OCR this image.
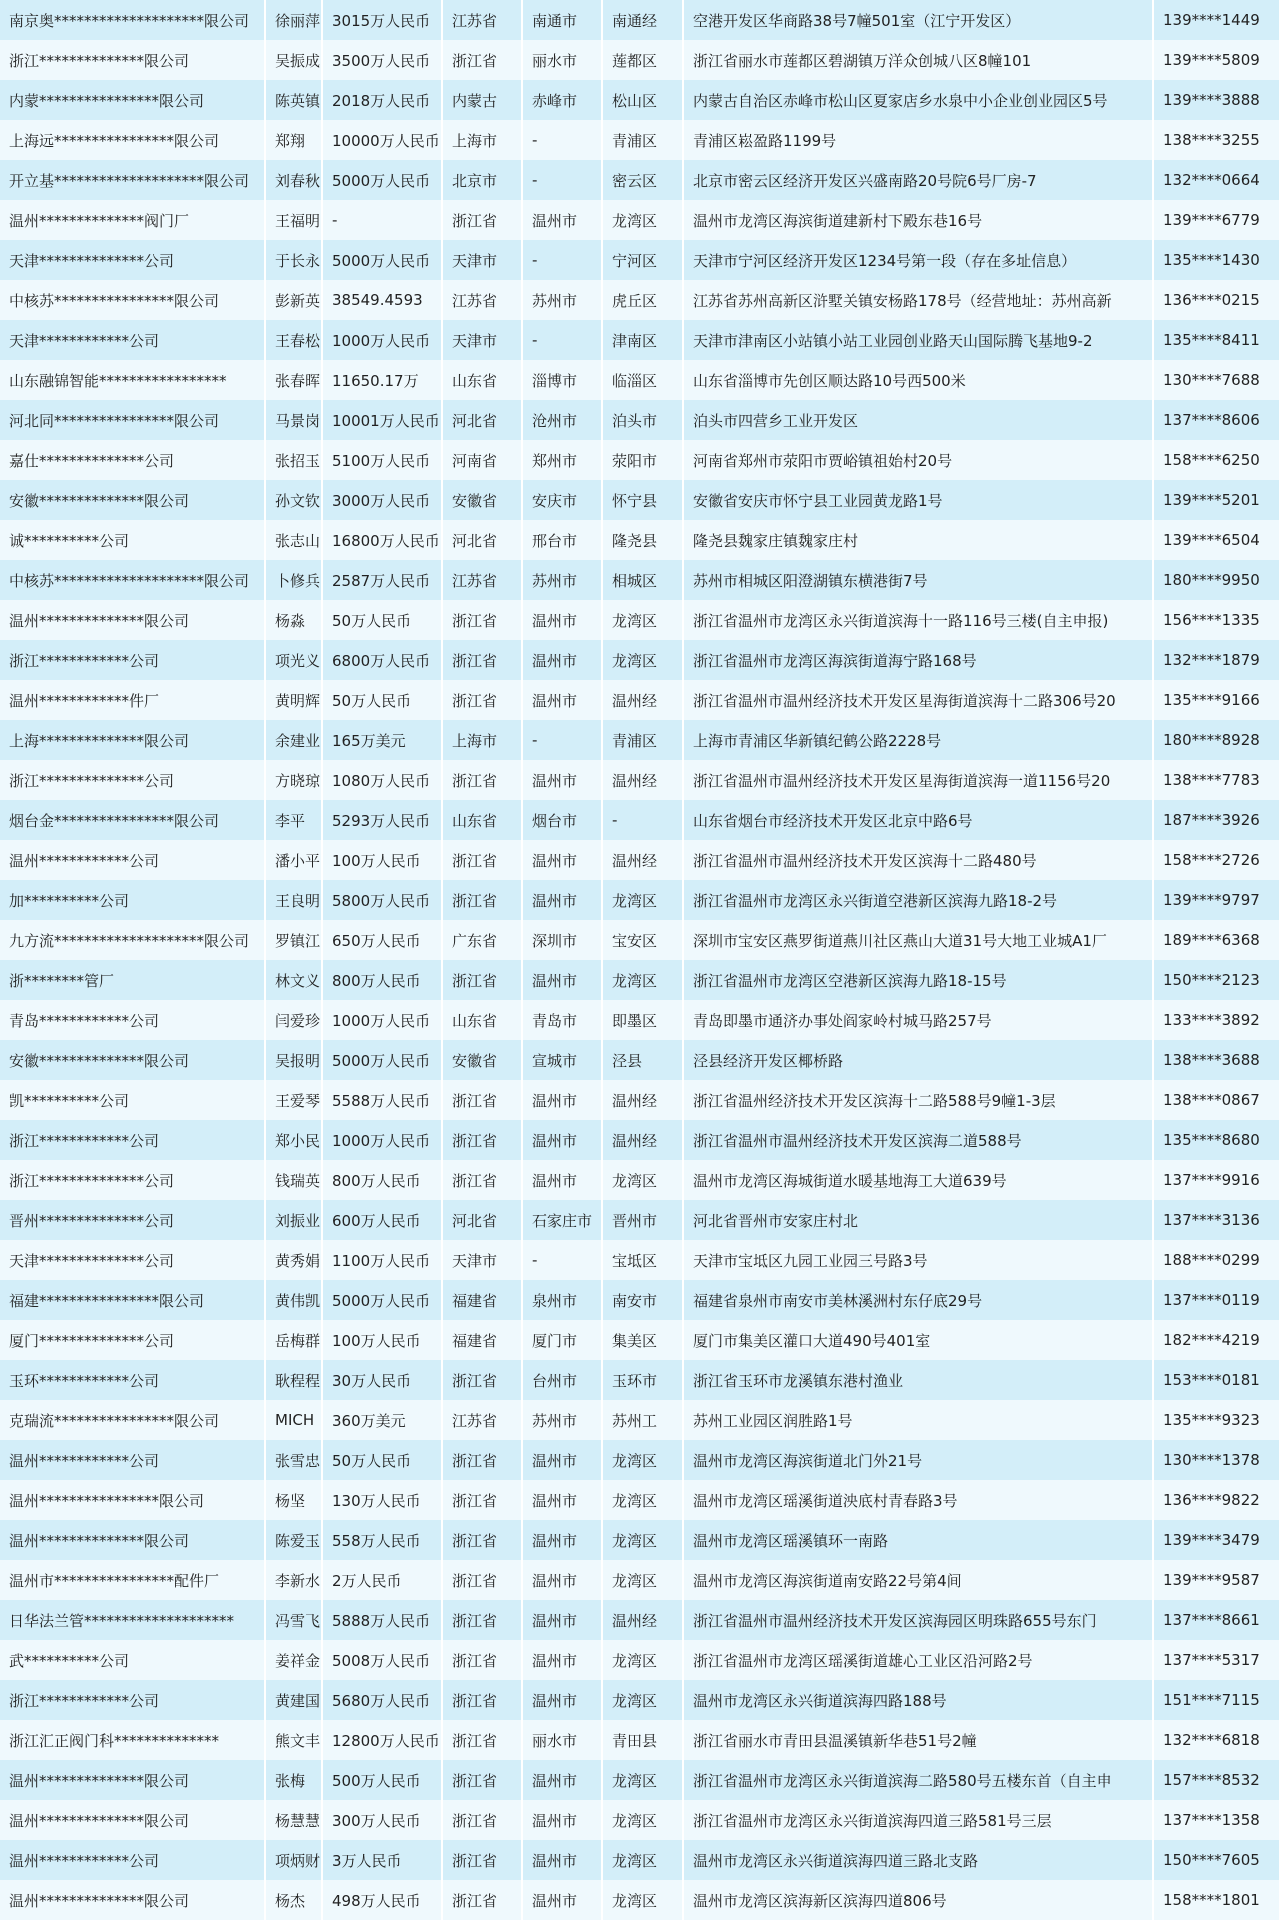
南京奥********************限公司	徐丽萍	3015万人民币	江苏省	南通市	南通经	空港开发区华商路38号7幢501室（江宁开发区）	139****1449
浙江**************限公司	吴振成	3500万人民币	浙江省	丽水市	莲都区	浙江省丽水市莲都区碧湖镇万洋众创城八区8幢101	139****5809
内蒙****************限公司	陈英镇	2018万人民币	内蒙古	赤峰市	松山区	内蒙古自治区赤峰市松山区夏家店乡水泉中小企业创业园区5号	139****3888
上海远****************限公司	郑翔	10000万人民币	上海市	-	青浦区	青浦区崧盈路1199号	138****3255
开立基********************限公司	刘春秋	5000万人民币	北京市	-	密云区	北京市密云区经济开发区兴盛南路20号院6号厂房-7	132****0664
温州**************阀门厂	王福明	-	浙江省	温州市	龙湾区	温州市龙湾区海滨街道建新村下殿东巷16号	139****6779
天津**************公司	于长永	5000万人民币	天津市	-	宁河区	天津市宁河区经济开发区1234号第一段（存在多址信息）	135****1430
中核苏****************限公司	彭新英	38549.4593	江苏省	苏州市	虎丘区	江苏省苏州高新区浒墅关镇安杨路178号（经营地址：苏州高新	136****0215
天津************公司	王春松	1000万人民币	天津市	-	津南区	天津市津南区小站镇小站工业园创业路天山国际腾飞基地9-2	135****8411
山东融锦智能*****************	张春晖	11650.17万	山东省	淄博市	临淄区	山东省淄博市先创区顺达路10号西500米	130****7688
河北同****************限公司	马景岗	10001万人民币	河北省	沧州市	泊头市	泊头市四营乡工业开发区	137****8606
嘉仕**************公司	张招玉	5100万人民币	河南省	郑州市	荥阳市	河南省郑州市荥阳市贾峪镇祖始村20号	158****6250
安徽**************限公司	孙文钦	3000万人民币	安徽省	安庆市	怀宁县	安徽省安庆市怀宁县工业园黄龙路1号	139****5201
诚**********公司	张志山	16800万人民币	河北省	邢台市	隆尧县	隆尧县魏家庄镇魏家庄村	139****6504
中核苏********************限公司	卜修兵	2587万人民币	江苏省	苏州市	相城区	苏州市相城区阳澄湖镇东横港街7号	180****9950
温州**************限公司	杨淼	50万人民币	浙江省	温州市	龙湾区	浙江省温州市龙湾区永兴街道滨海十一路116号三楼(自主申报)	156****1335
浙江************公司	项光义	6800万人民币	浙江省	温州市	龙湾区	浙江省温州市龙湾区海滨街道海宁路168号	132****1879
温州************件厂	黄明辉	50万人民币	浙江省	温州市	温州经	浙江省温州市温州经济技术开发区星海街道滨海十二路306号20	135****9166
上海**************限公司	余建业	165万美元	上海市	-	青浦区	上海市青浦区华新镇纪鹤公路2228号	180****8928
浙江**************公司	方晓琼	1080万人民币	浙江省	温州市	温州经	浙江省温州市温州经济技术开发区星海街道滨海一道1156号20	138****7783
烟台金****************限公司	李平	5293万人民币	山东省	烟台市	-	山东省烟台市经济技术开发区北京中路6号	187****3926
温州************公司	潘小平	100万人民币	浙江省	温州市	温州经	浙江省温州市温州经济技术开发区滨海十二路480号	158****2726
加**********公司	王良明	5800万人民币	浙江省	温州市	龙湾区	浙江省温州市龙湾区永兴街道空港新区滨海九路18-2号	139****9797
九方流********************限公司	罗镇江	650万人民币	广东省	深圳市	宝安区	深圳市宝安区燕罗街道燕川社区燕山大道31号大地工业城A1厂	189****6368
浙********管厂	林文义	800万人民币	浙江省	温州市	龙湾区	浙江省温州市龙湾区空港新区滨海九路18-15号	150****2123
青岛************公司	闫爱珍	1000万人民币	山东省	青岛市	即墨区	青岛即墨市通济办事处阎家岭村城马路257号	133****3892
安徽**************限公司	吴报明	5000万人民币	安徽省	宣城市	泾县	泾县经济开发区椰桥路	138****3688
凯**********公司	王爱琴	5588万人民币	浙江省	温州市	温州经	浙江省温州经济技术开发区滨海十二路588号9幢1-3层	138****0867
浙江************公司	郑小民	1000万人民币	浙江省	温州市	温州经	浙江省温州市温州经济技术开发区滨海二道588号	135****8680
浙江**************公司	钱瑞英	800万人民币	浙江省	温州市	龙湾区	温州市龙湾区海城街道水暖基地海工大道639号	137****9916
晋州**************公司	刘振业	600万人民币	河北省	石家庄市	晋州市	河北省晋州市安家庄村北	137****3136
天津**************公司	黄秀娟	1100万人民币	天津市	-	宝坻区	天津市宝坻区九园工业园三号路3号	188****0299
福建****************限公司	黄伟凯	5000万人民币	福建省	泉州市	南安市	福建省泉州市南安市美林溪洲村东仔底29号	137****0119
厦门**************公司	岳梅群	100万人民币	福建省	厦门市	集美区	厦门市集美区灌口大道490号401室	182****4219
玉环************公司	耿程程	30万人民币	浙江省	台州市	玉环市	浙江省玉环市龙溪镇东港村渔业	153****0181
克瑞流****************限公司	MICH	360万美元	江苏省	苏州市	苏州工	苏州工业园区润胜路1号	135****9323
温州************公司	张雪忠	50万人民币	浙江省	温州市	龙湾区	温州市龙湾区海滨街道北门外21号	130****1378
温州****************限公司	杨坚	130万人民币	浙江省	温州市	龙湾区	温州市龙湾区瑶溪街道泱底村青春路3号	136****9822
温州**************限公司	陈爱玉	558万人民币	浙江省	温州市	龙湾区	温州市龙湾区瑶溪镇环一南路	139****3479
温州市****************配件厂	李新水	2万人民币	浙江省	温州市	龙湾区	温州市龙湾区海滨街道南安路22号第4间	139****9587
日华法兰管********************	冯雪飞	5888万人民币	浙江省	温州市	温州经	浙江省温州市温州经济技术开发区滨海园区明珠路655号东门	137****8661
武**********公司	姜祥金	5008万人民币	浙江省	温州市	龙湾区	浙江省温州市龙湾区瑶溪街道雄心工业区沿河路2号	137****5317
浙江************公司	黄建国	5680万人民币	浙江省	温州市	龙湾区	温州市龙湾区永兴街道滨海四路188号	151****7115
浙江汇正阀门科**************	熊文丰	12800万人民币	浙江省	丽水市	青田县	浙江省丽水市青田县温溪镇新华巷51号2幢	132****6818
温州**************限公司	张梅	500万人民币	浙江省	温州市	龙湾区	浙江省温州市龙湾区永兴街道滨海二路580号五楼东首（自主申	157****8532
温州**************限公司	杨慧慧	300万人民币	浙江省	温州市	龙湾区	浙江省温州市龙湾区永兴街道滨海四道三路581号三层	137****1358
温州************公司	项炳财	3万人民币	浙江省	温州市	龙湾区	温州市龙湾区永兴街道滨海四道三路北支路	150****7605
温州**************限公司	杨杰	498万人民币	浙江省	温州市	龙湾区	温州市龙湾区滨海新区滨海四道806号	158****1801
